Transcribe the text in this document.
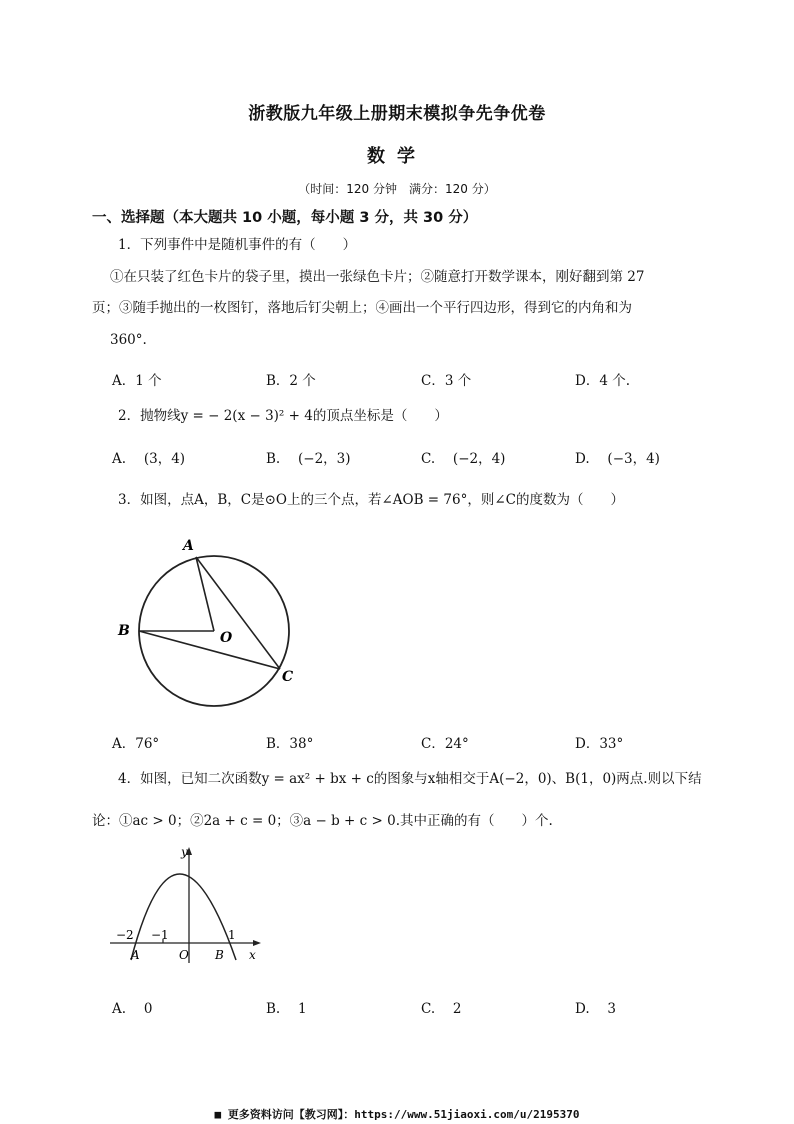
浙教版九年级上册期末模拟争先争优卷
数学
（时间：120 分钟　满分：120 分）
一、选择题（本大题共 10 小题，每小题 3 分，共 30 分）
1．下列事件中是随机事件的有（　　）
①在只装了红色卡片的袋子里，摸出一张绿色卡片；②随意打开数学课本，刚好翻到第 27
页；③随手抛出的一枚图钉，落地后钉尖朝上；④画出一个平行四边形，得到它的内角和为
360°.
A．1 个	B．2 个	C．3 个	D．4 个.
2．抛物线y = − 2(x − 3)² + 4的顶点坐标是（　　）
A.　 (3，4)	B.　 (−2，3)	C.　 (−2，4)	D.　 (−3，4)
3．如图，点A，B，C是⊙O上的三个点，若∠AOB = 76°，则∠C的度数为（　　）
A
B	O
C
A．76°	B．38°	C．24°	D．33°
4．如图，已知二次函数y = ax² + bx + c的图象与x轴相交于A(−2，0)、B(1，0)两点.则以下结
论：①ac > 0；②2a + c = 0；③a − b + c > 0.其中正确的有（　　）个.
−2 −1	1
A	O B x
y
A.　 0	B.　 1	C.　 2	D.　 3
■ 更多资料访问【教习网】：https://www.51jiaoxi.com/u/2195370
